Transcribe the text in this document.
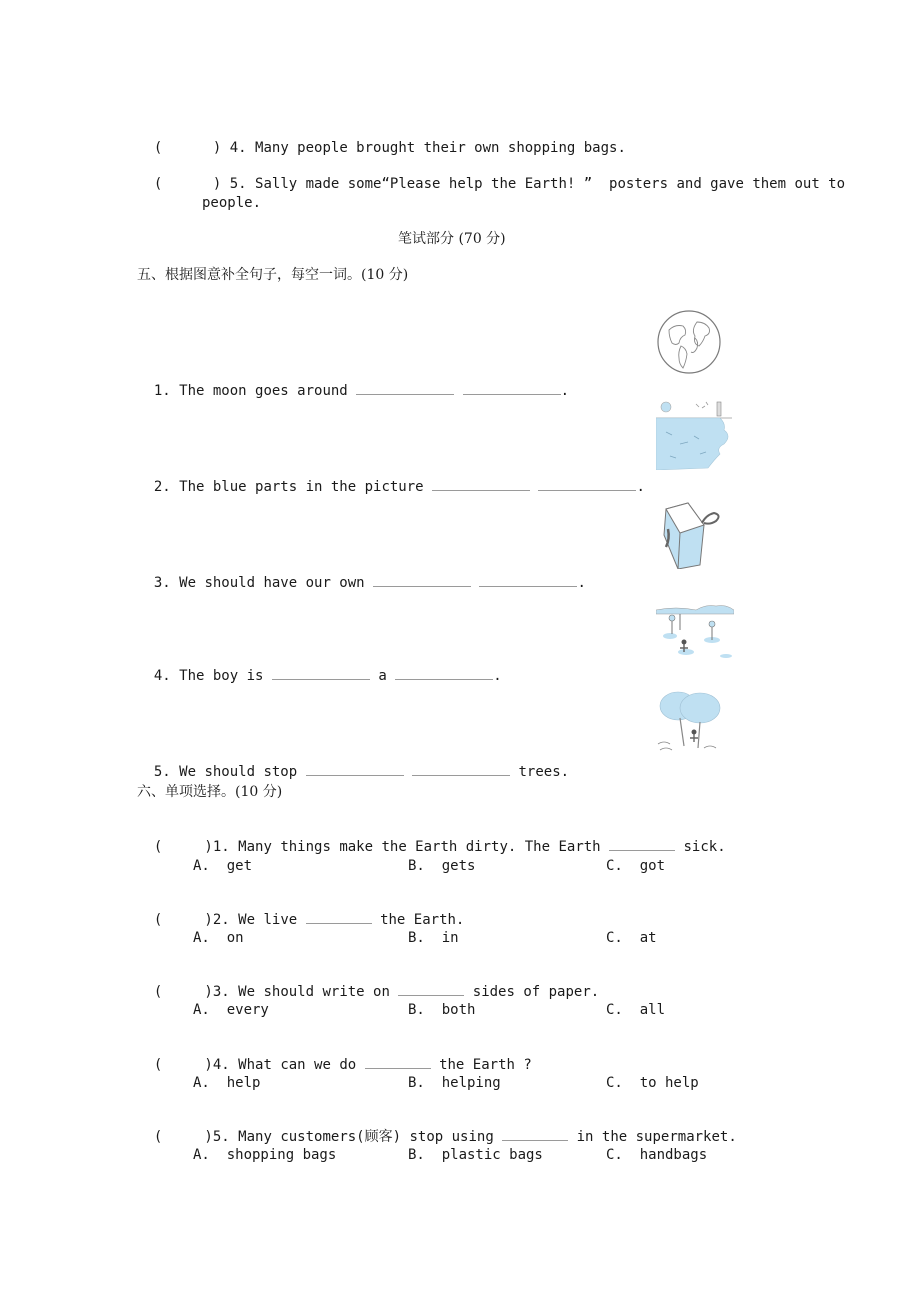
(      ) 4. Many people brought their own shopping bags.

(      ) 5. Sally made some“Please help the Earth! ”  posters and gave them out to

people.
笔试部分 (70 分)
五、根据图意补全句子，每空一词。(10 分)

1. The moon goes around	.

2. The blue parts in the picture	.

3. We should have our own	.

4. The boy is	a	.

5. We should stop	trees.

六、单项选择。(10 分)

(     )1. Many things make the Earth dirty. The Earth	sick.

A.  get	B.  gets	C.  got

(     )2. We live	the Earth.

A.  on	B.  in	C.  at

(     )3. We should write on	sides of paper.

A.  every	B.  both	C.  all

(     )4. What can we do	the Earth ?

A.  help	B.  helping	C.  to help

(     )5. Many customers(顾客) stop using	in the supermarket.

A.  shopping bags	B.  plastic bags	C.  handbags
